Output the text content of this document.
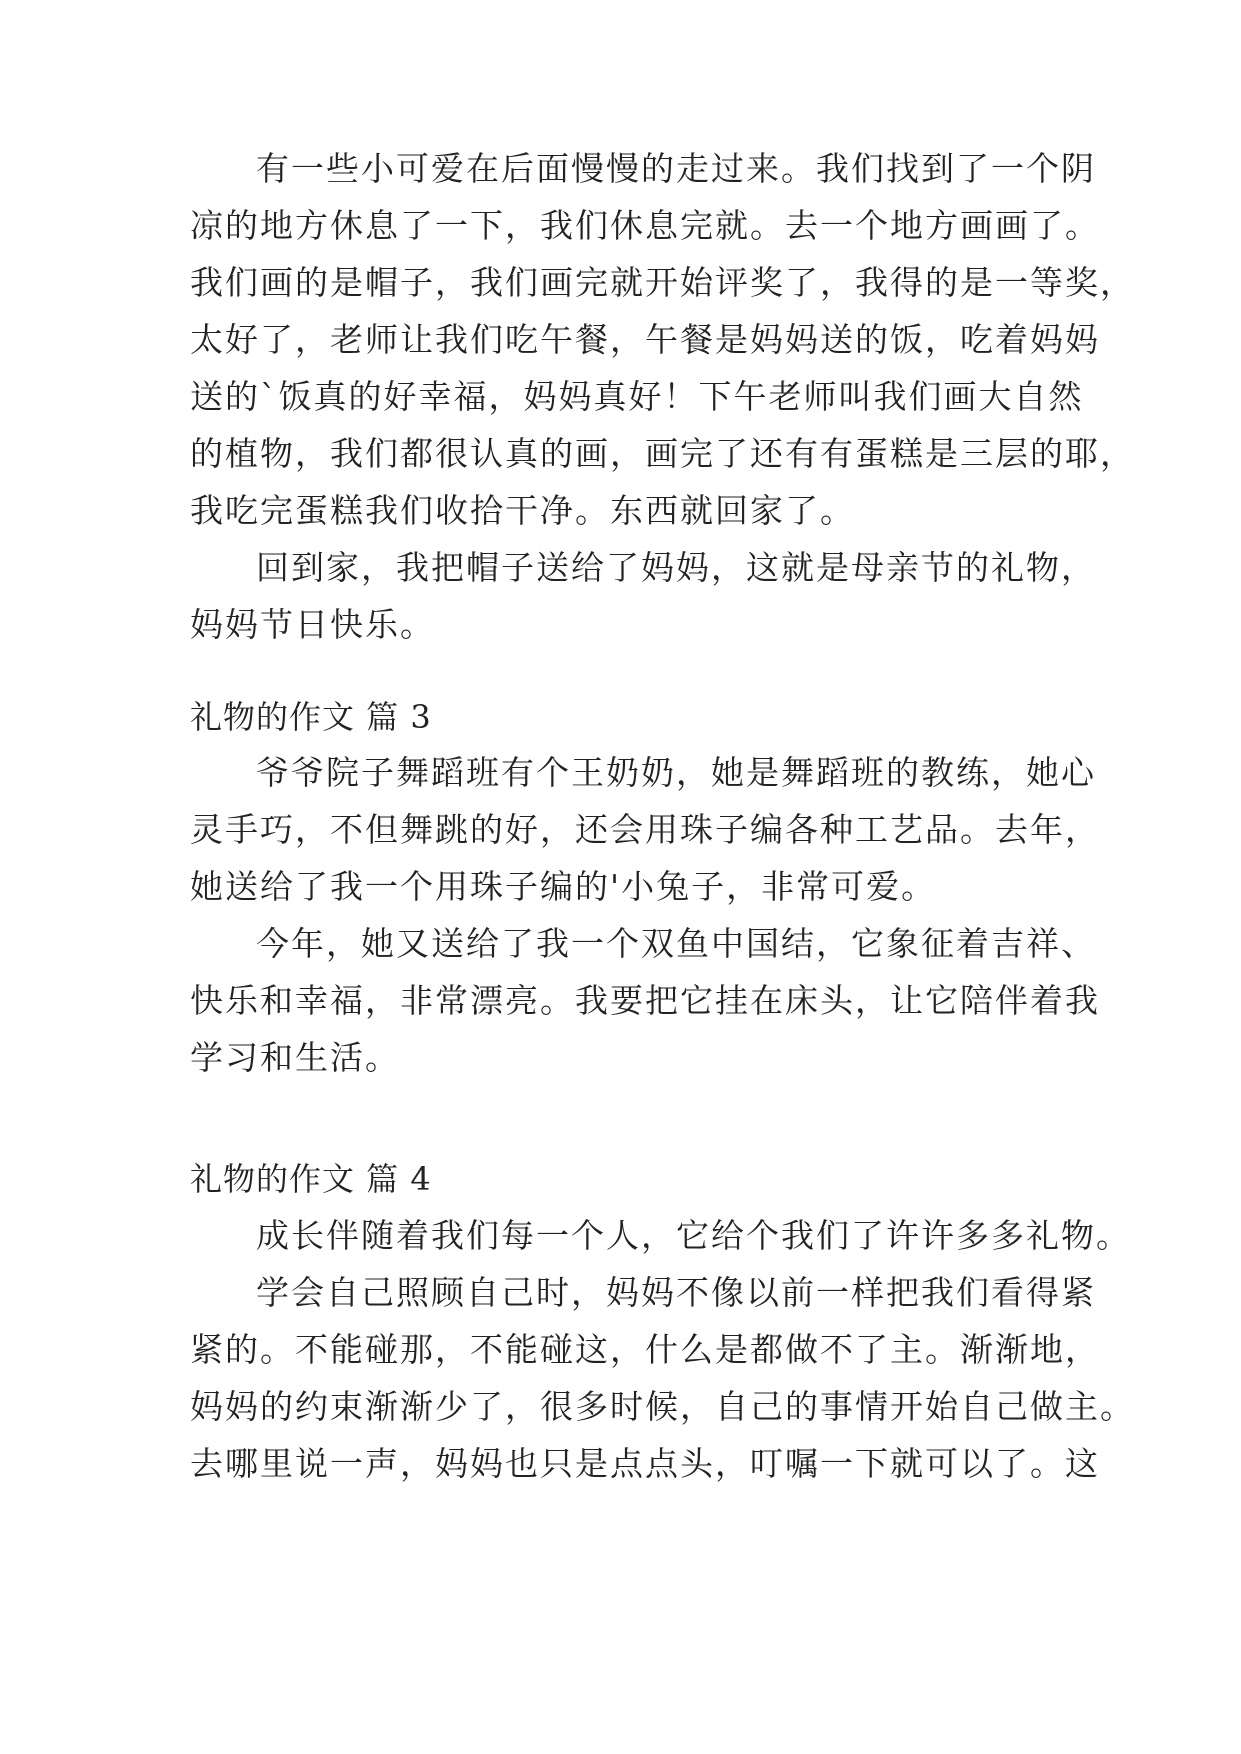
有一些小可爱在后面慢慢的走过来。我们找到了一个阴

凉的地方休息了一下，我们休息完就。去一个地方画画了。

我们画的是帽子，我们画完就开始评奖了，我得的是一等奖，

太好了，老师让我们吃午餐，午餐是妈妈送的饭，吃着妈妈

送的`饭真的好幸福，妈妈真好！下午老师叫我们画大自然

的植物，我们都很认真的画，画完了还有有蛋糕是三层的耶，

我吃完蛋糕我们收拾干净。东西就回家了。

回到家，我把帽子送给了妈妈，这就是母亲节的礼物，

妈妈节日快乐。

礼物的作文 篇 3

爷爷院子舞蹈班有个王奶奶，她是舞蹈班的教练，她心

灵手巧，不但舞跳的好，还会用珠子编各种工艺品。去年，

她送给了我一个用珠子编的'小兔子，非常可爱。

今年，她又送给了我一个双鱼中国结，它象征着吉祥、

快乐和幸福，非常漂亮。我要把它挂在床头，让它陪伴着我

学习和生活。

礼物的作文 篇 4

成长伴随着我们每一个人，它给个我们了许许多多礼物。

学会自己照顾自己时，妈妈不像以前一样把我们看得紧

紧的。不能碰那，不能碰这，什么是都做不了主。渐渐地，

妈妈的约束渐渐少了，很多时候，自己的事情开始自己做主。

去哪里说一声，妈妈也只是点点头，叮嘱一下就可以了。这
